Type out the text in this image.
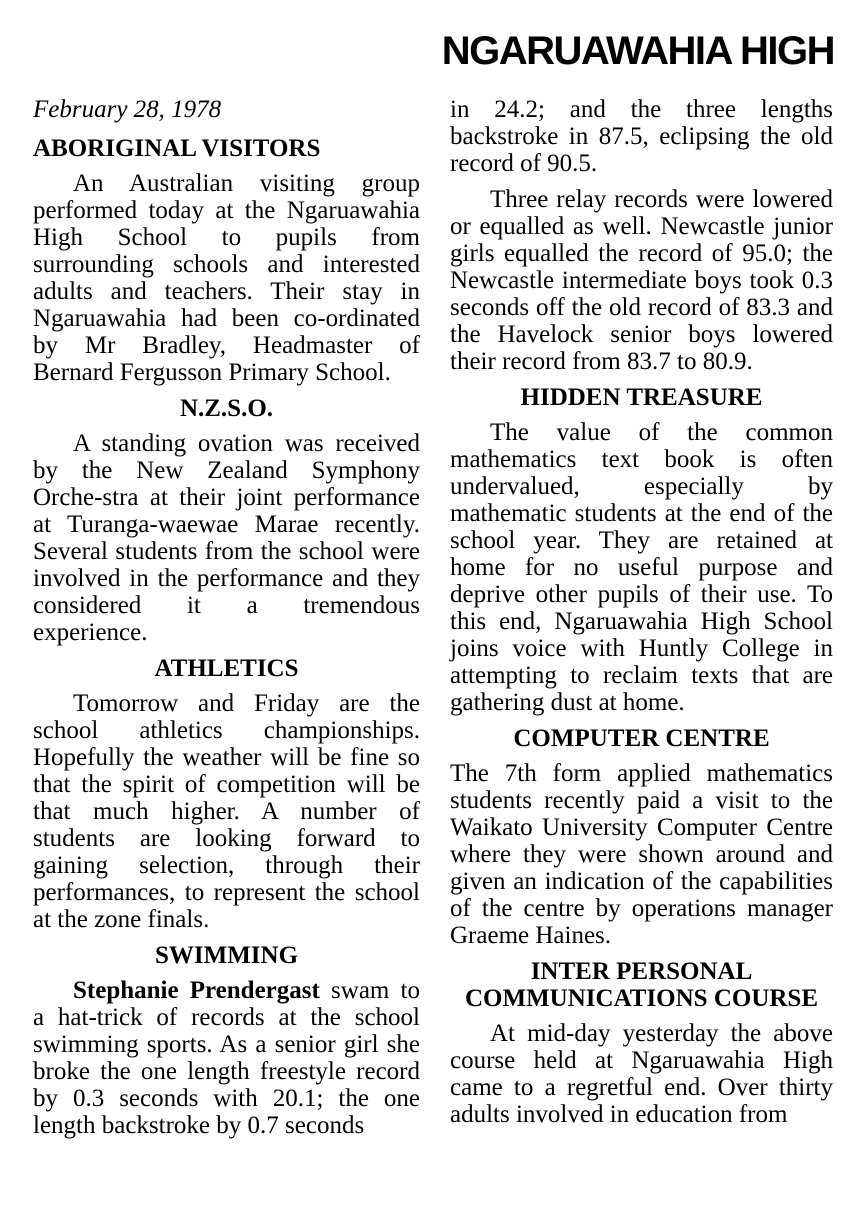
NGARUAWAHIA HIGH

February 28, 1978

ABORIGINAL VISITORS

An Australian visiting group performed today at the Ngaruawahia High School to pupils from surrounding schools and interested adults and teachers. Their stay in Ngaruawahia had been co-ordinated by Mr Bradley, Headmaster of Bernard Fergusson Primary School.

N.Z.S.O.

A standing ovation was received by the New Zealand Symphony Orche-stra at their joint performance at Turanga-waewae Marae recently. Several students from the school were involved in the performance and they considered it a tremendous experience.

ATHLETICS

Tomorrow and Friday are the school athletics championships. Hopefully the weather will be fine so that the spirit of competition will be that much higher. A number of students are looking forward to gaining selection, through their performances, to represent the school at the zone finals.

SWIMMING

Stephanie Prendergast swam to a hat-trick of records at the school swimming sports. As a senior girl she broke the one length freestyle record by 0.3 seconds with 20.1; the one length backstroke by 0.7 seconds

in 24.2; and the three lengths backstroke in 87.5, eclipsing the old record of 90.5.

Three relay records were lowered or equalled as well. Newcastle junior girls equalled the record of 95.0; the Newcastle intermediate boys took 0.3 seconds off the old record of 83.3 and the Havelock senior boys lowered their record from 83.7 to 80.9.

HIDDEN TREASURE

The value of the common mathematics text book is often undervalued, especially by mathematic students at the end of the school year. They are retained at home for no useful purpose and deprive other pupils of their use. To this end, Ngaruawahia High School joins voice with Huntly College in attempting to reclaim texts that are gathering dust at home.

COMPUTER CENTRE

The 7th form applied mathematics students recently paid a visit to the Waikato University Computer Centre where they were shown around and given an indication of the capabilities of the centre by operations manager Graeme Haines.

INTER PERSONAL
COMMUNICATIONS COURSE

At mid-day yesterday the above course held at Ngaruawahia High came to a regretful end. Over thirty adults involved in education from
